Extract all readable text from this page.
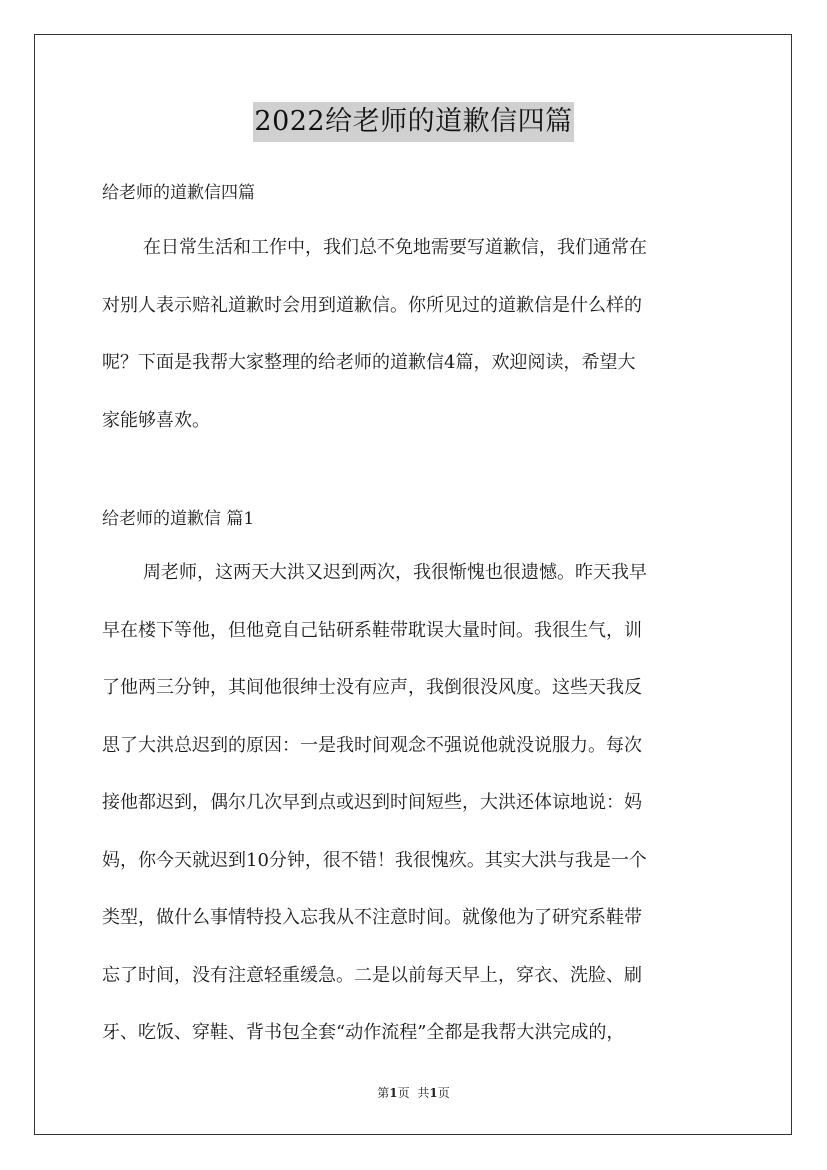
2022给老师的道歉信四篇
给老师的道歉信四篇
在日常生活和工作中，我们总不免地需要写道歉信，我们通常在
对别人表示赔礼道歉时会用到道歉信。你所见过的道歉信是什么样的
呢？下面是我帮大家整理的给老师的道歉信4篇，欢迎阅读，希望大
家能够喜欢。
给老师的道歉信 篇1
周老师，这两天大洪又迟到两次，我很惭愧也很遗憾。昨天我早
早在楼下等他，但他竟自己钻研系鞋带耽误大量时间。我很生气，训
了他两三分钟，其间他很绅士没有应声，我倒很没风度。这些天我反
思了大洪总迟到的原因：一是我时间观念不强说他就没说服力。每次
接他都迟到，偶尔几次早到点或迟到时间短些，大洪还体谅地说：妈
妈，你今天就迟到10分钟，很不错！我很愧疚。其实大洪与我是一个
类型，做什么事情特投入忘我从不注意时间。就像他为了研究系鞋带
忘了时间，没有注意轻重缓急。二是以前每天早上，穿衣、洗脸、刷
牙、吃饭、穿鞋、背书包全套“动作流程”全都是我帮大洪完成的，
第1页 共1页
